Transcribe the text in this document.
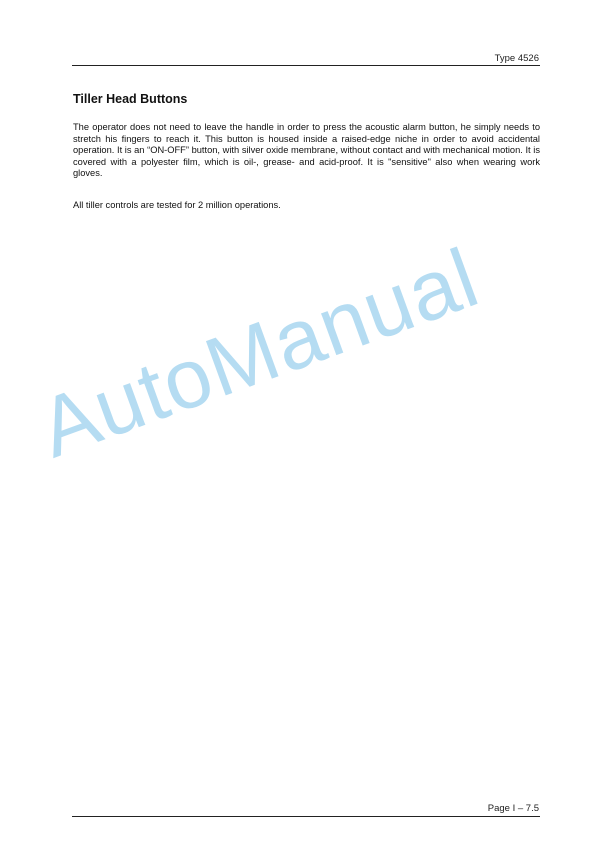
Type 4526
Tiller Head Buttons

The operator does not need to leave the handle in order to press the acoustic alarm button, he simply needs to stretch his fingers to reach it. This button is housed inside a raised-edge niche in order to avoid accidental operation. It is an “ON-OFF” button, with silver oxide membrane, without contact and with mechanical motion. It is covered with a polyester film, which is oil-, grease- and acid-proof. It is "sensitive" also when wearing work gloves.

All tiller controls are tested for 2 million operations.

AutoManual
Page I – 7.5
